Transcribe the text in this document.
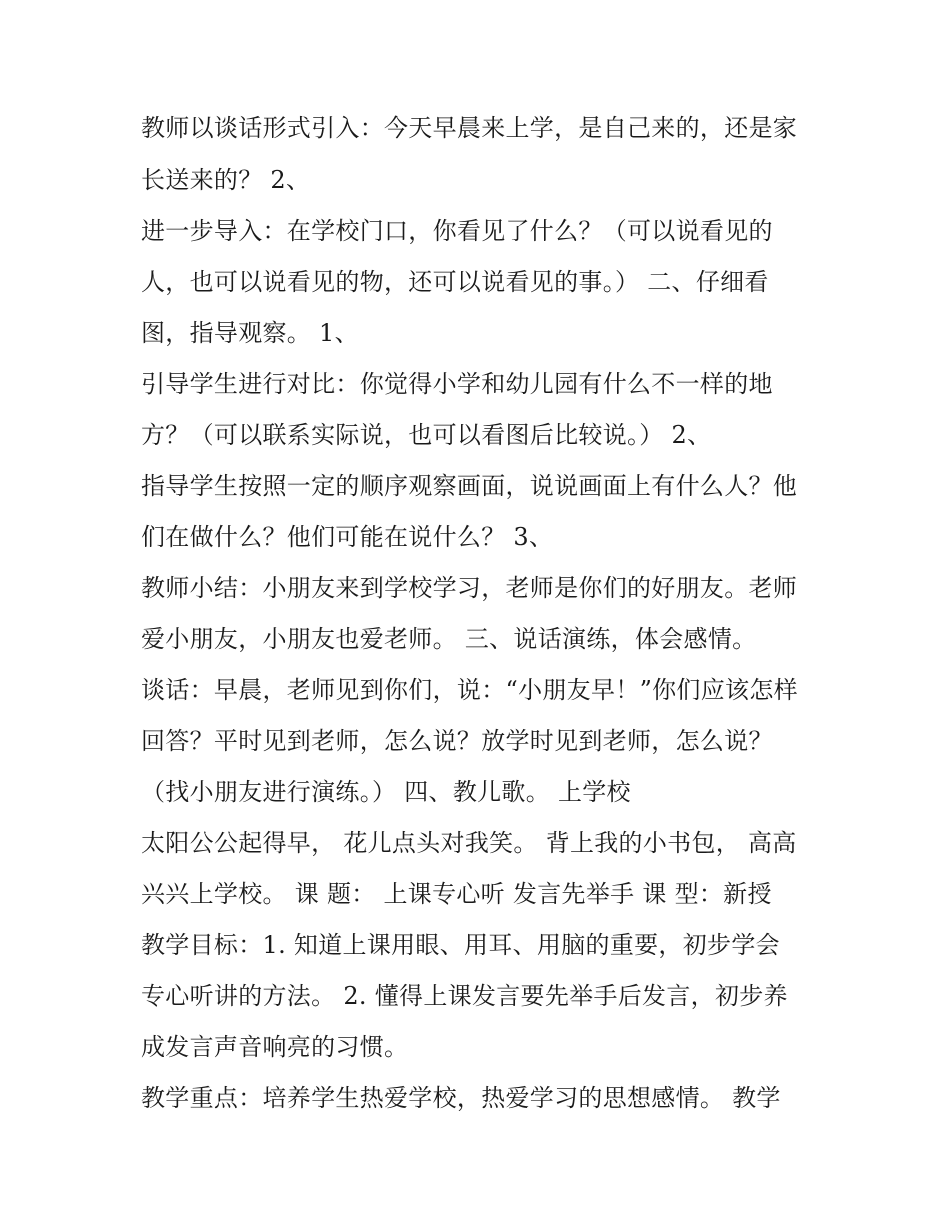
教师以谈话形式引入：今天早晨来上学，是自己来的，还是家
长送来的？ 2、
进一步导入：在学校门口，你看见了什么？（可以说看见的
人，也可以说看见的物，还可以说看见的事。） 二、仔细看
图，指导观察。 1、
引导学生进行对比：你觉得小学和幼儿园有什么不一样的地
方？（可以联系实际说，也可以看图后比较说。） 2、
指导学生按照一定的顺序观察画面，说说画面上有什么人？他
们在做什么？他们可能在说什么？ 3、
教师小结：小朋友来到学校学习，老师是你们的好朋友。老师
爱小朋友，小朋友也爱老师。 三、说话演练，体会感情。
谈话：早晨，老师见到你们，说：“小朋友早！”你们应该怎样
回答？平时见到老师，怎么说？放学时见到老师，怎么说？
（找小朋友进行演练。） 四、教儿歌。 上学校
太阳公公起得早， 花儿点头对我笑。 背上我的小书包， 高高
兴兴上学校。 课 题： 上课专心听 发言先举手 课 型：新授
教学目标：1. 知道上课用眼、用耳、用脑的重要，初步学会
专心听讲的方法。 2. 懂得上课发言要先举手后发言，初步养
成发言声音响亮的习惯。
教学重点：培养学生热爱学校，热爱学习的思想感情。 教学
